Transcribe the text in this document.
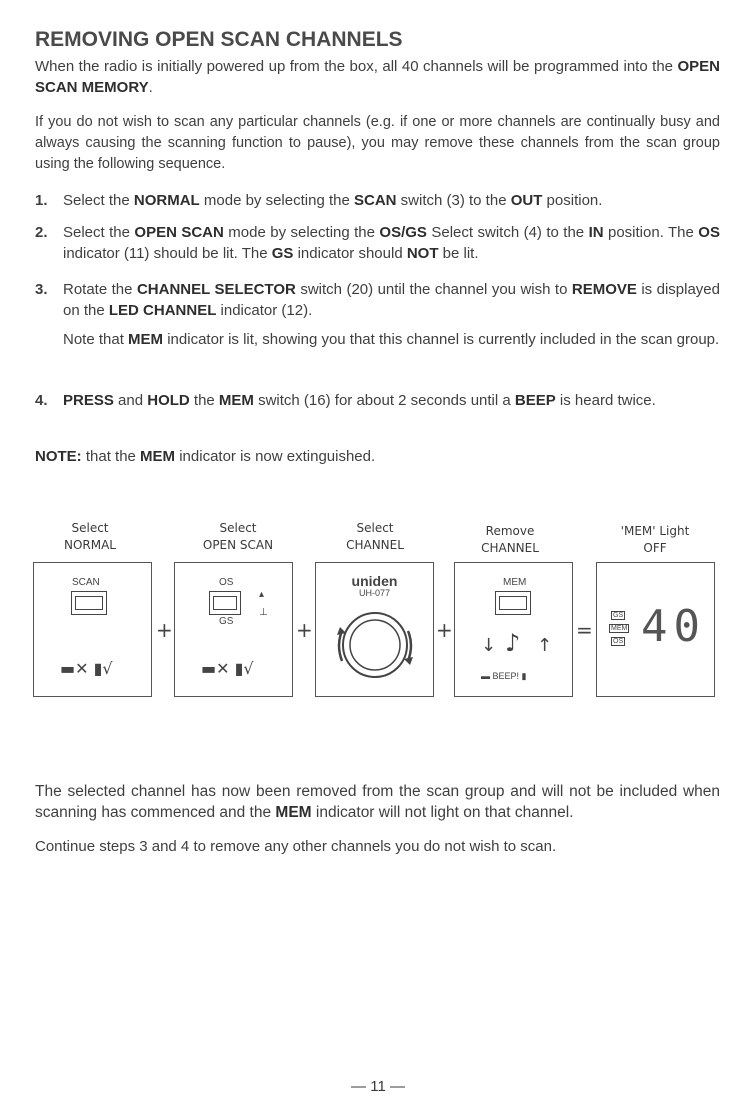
REMOVING OPEN SCAN CHANNELS

When the radio is initially powered up from the box, all 40 channels will be programmed into the OPEN SCAN MEMORY.

If you do not wish to scan any particular channels (e.g. if one or more channels are continually busy and always causing the scanning function to pause), you may remove these channels from the scan group using the following sequence.

1.	Select the NORMAL mode by selecting the SCAN switch (3) to the OUT position.
2.	Select the OPEN SCAN mode by selecting the OS/GS Select switch (4) to the IN position. The OS indicator (11) should be lit. The GS indicator should NOT be lit.
3.	Rotate the CHANNEL SELECTOR switch (20) until the channel you wish to REMOVE is displayed on the LED CHANNEL indicator (12).
Note that MEM indicator is lit, showing you that this channel is currently included in the scan group.
4.	PRESS and HOLD the MEM switch (16) for about 2 seconds until a BEEP is heard twice.

NOTE: that the MEM indicator is now extinguished.

Select
NORMAL
Select
OPEN SCAN
Select
CHANNEL
Remove
CHANNEL
'MEM' Light
OFF
SCAN
▬✕ ▮√
+
OS
GS
▴
⊥
▬✕ ▮√
+
uniden
UH-077
+
MEM
↓ ♪ ↑
▬ BEEP! ▮
=
GS
MEM
OS 40

The selected channel has now been removed from the scan group and will not be included when scanning has commenced and the MEM indicator will not light on that channel.

Continue steps 3 and 4 to remove any other channels you do not wish to scan.

— 11 —
